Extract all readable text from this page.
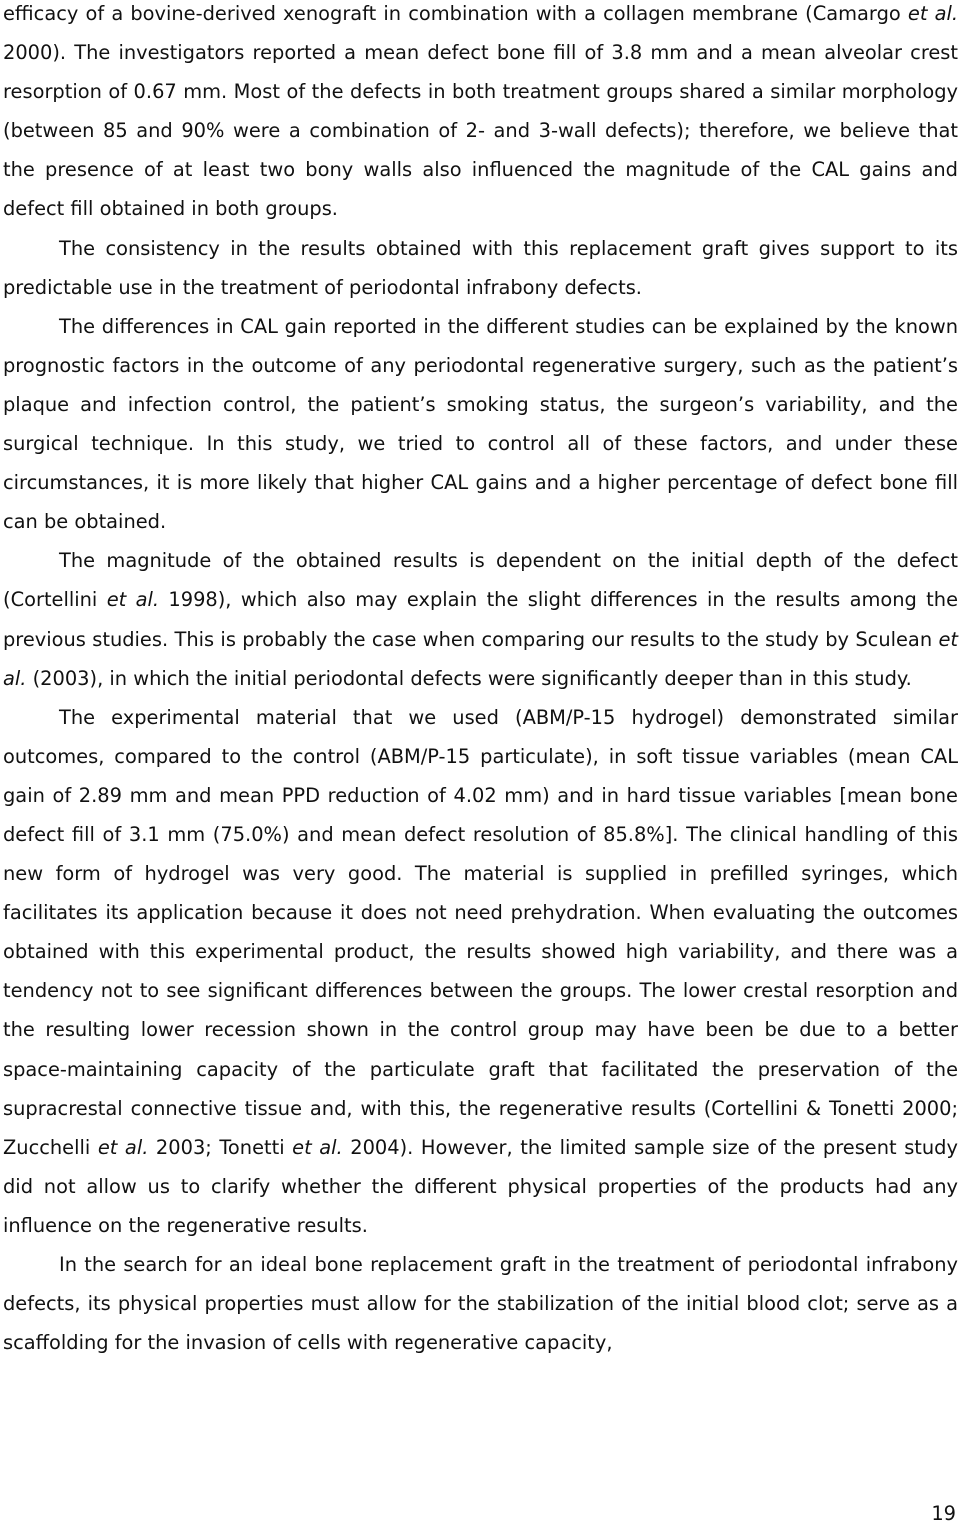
efficacy of a bovine-derived xenograft in combination with a collagen membrane (Camargo et al. 2000). The investigators reported a mean defect bone fill of 3.8 mm and a mean alveolar crest resorption of 0.67 mm. Most of the defects in both treatment groups shared a similar morphology (between 85 and 90% were a combination of 2- and 3-wall defects); therefore, we believe that the presence of at least two bony walls also influenced the magnitude of the CAL gains and defect fill obtained in both groups.

The consistency in the results obtained with this replacement graft gives support to its predictable use in the treatment of periodontal infrabony defects.

The differences in CAL gain reported in the different studies can be explained by the known prognostic factors in the outcome of any periodontal regenerative surgery, such as the patient’s plaque and infection control, the patient’s smoking status, the surgeon’s variability, and the surgical technique. In this study, we tried to control all of these factors, and under these circumstances, it is more likely that higher CAL gains and a higher percentage of defect bone fill can be obtained.

The magnitude of the obtained results is dependent on the initial depth of the defect (Cortellini et al. 1998), which also may explain the slight differences in the results among the previous studies. This is probably the case when comparing our results to the study by Sculean et al. (2003), in which the initial periodontal defects were significantly deeper than in this study.

The experimental material that we used (ABM/P-15 hydrogel) demonstrated similar outcomes, compared to the control (ABM/P-15 particulate), in soft tissue variables (mean CAL gain of 2.89 mm and mean PPD reduction of 4.02 mm) and in hard tissue variables [mean bone defect fill of 3.1 mm (75.0%) and mean defect resolution of 85.8%]. The clinical handling of this new form of hydrogel was very good. The material is supplied in prefilled syringes, which facilitates its application because it does not need prehydration. When evaluating the outcomes obtained with this experimental product, the results showed high variability, and there was a tendency not to see significant differences between the groups. The lower crestal resorption and the resulting lower recession shown in the control group may have been be due to a better space-maintaining capacity of the particulate graft that facilitated the preservation of the supracrestal connective tissue and, with this, the regenerative results (Cortellini & Tonetti 2000; Zucchelli et al. 2003; Tonetti et al. 2004). However, the limited sample size of the present study did not allow us to clarify whether the different physical properties of the products had any influence on the regenerative results.

In the search for an ideal bone replacement graft in the treatment of periodontal infrabony defects, its physical properties must allow for the stabilization of the initial blood clot; serve as a scaffolding for the invasion of cells with regenerative capacity,

19
